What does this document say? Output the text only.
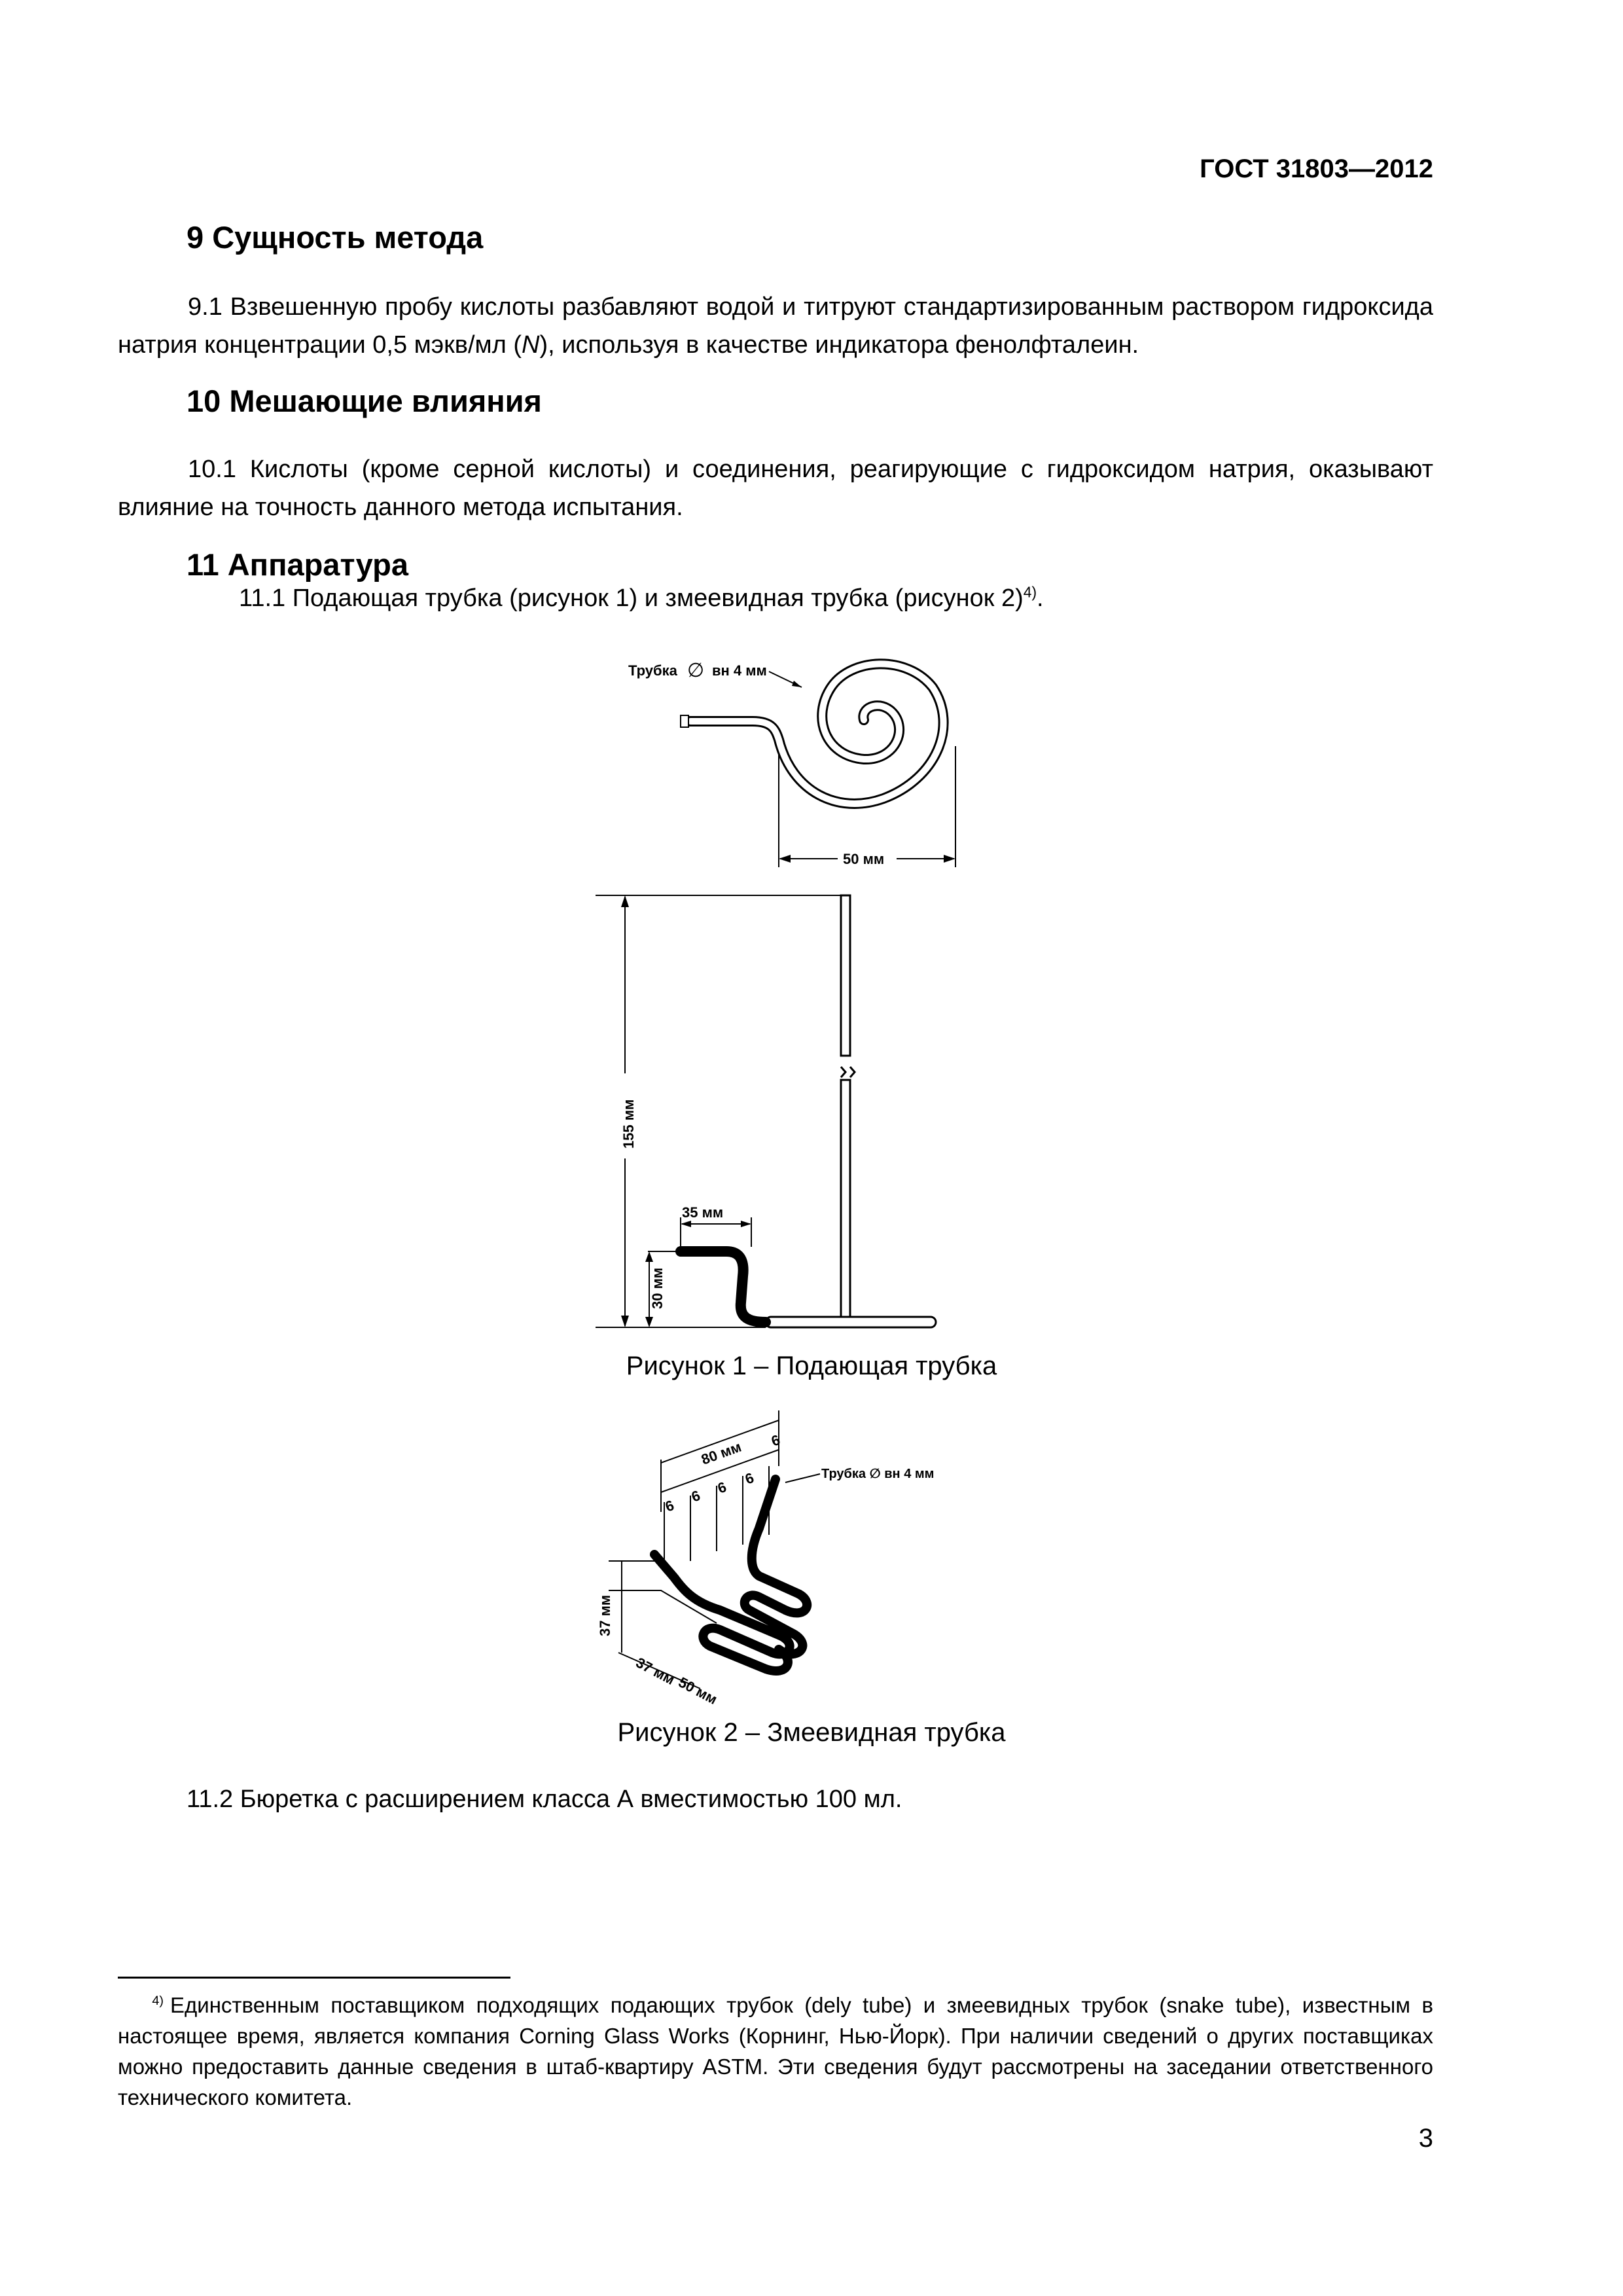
ГОСТ 31803—2012
9 Сущность метода
9.1 Взвешенную пробу кислоты разбавляют водой и титруют стандартизированным раствором гидроксида натрия концентрации 0,5 мэкв/мл (N), используя в качестве индикатора фенолфталеин.
10 Мешающие влияния
10.1 Кислоты (кроме серной кислоты) и соединения, реагирующие с гидроксидом натрия, оказывают влияние на точность данного метода испытания.
11 Аппаратура
11.1 Подающая трубка (рисунок 1) и змеевидная трубка (рисунок 2)$^{4)}$.
Трубка ∅ вн 4 мм
50 мм
155 мм
35 мм
30 мм
Рисунок 1 – Подающая трубка
80 мм
6
6 6
6
6
Трубка ∅ вн 4 мм
37 мм
37 мм
50 мм
Рисунок 2 – Змеевидная трубка
11.2 Бюретка с расширением класса А вместимостью 100 мл.
$^{4)}$ Единственным поставщиком подходящих подающих трубок (dely tube) и змеевидных трубок (snake tube), известным в настоящее время, является компания Corning Glass Works (Корнинг, Нью-Йорк). При наличии сведений о других поставщиках можно предоставить данные сведения в штаб-квартиру ASTM. Эти сведения будут рассмотрены на заседании ответственного технического комитета.
3
